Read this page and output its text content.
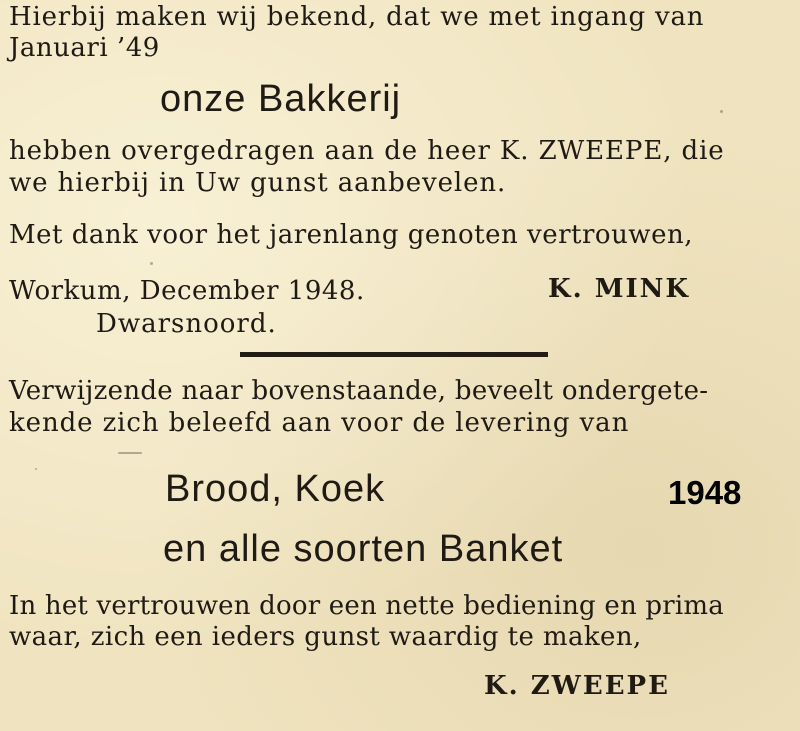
Hierbij maken wij bekend, dat we met ingang van
Januari ’49
onze Bakkerij
hebben overgedragen aan de heer K. ZWEEPE, die
we hierbij in Uw gunst aanbevelen.
Met dank voor het jarenlang genoten vertrouwen,
Workum, December 1948.	K. MINK
Dwarsnoord.
Verwijzende naar bovenstaande, beveelt ondergete-
kende zich beleefd aan voor de levering van
Brood, Koek
en alle soorten Banket
In het vertrouwen door een nette bediening en prima
waar, zich een ieders gunst waardig te maken,
K. ZWEEPE
1948
